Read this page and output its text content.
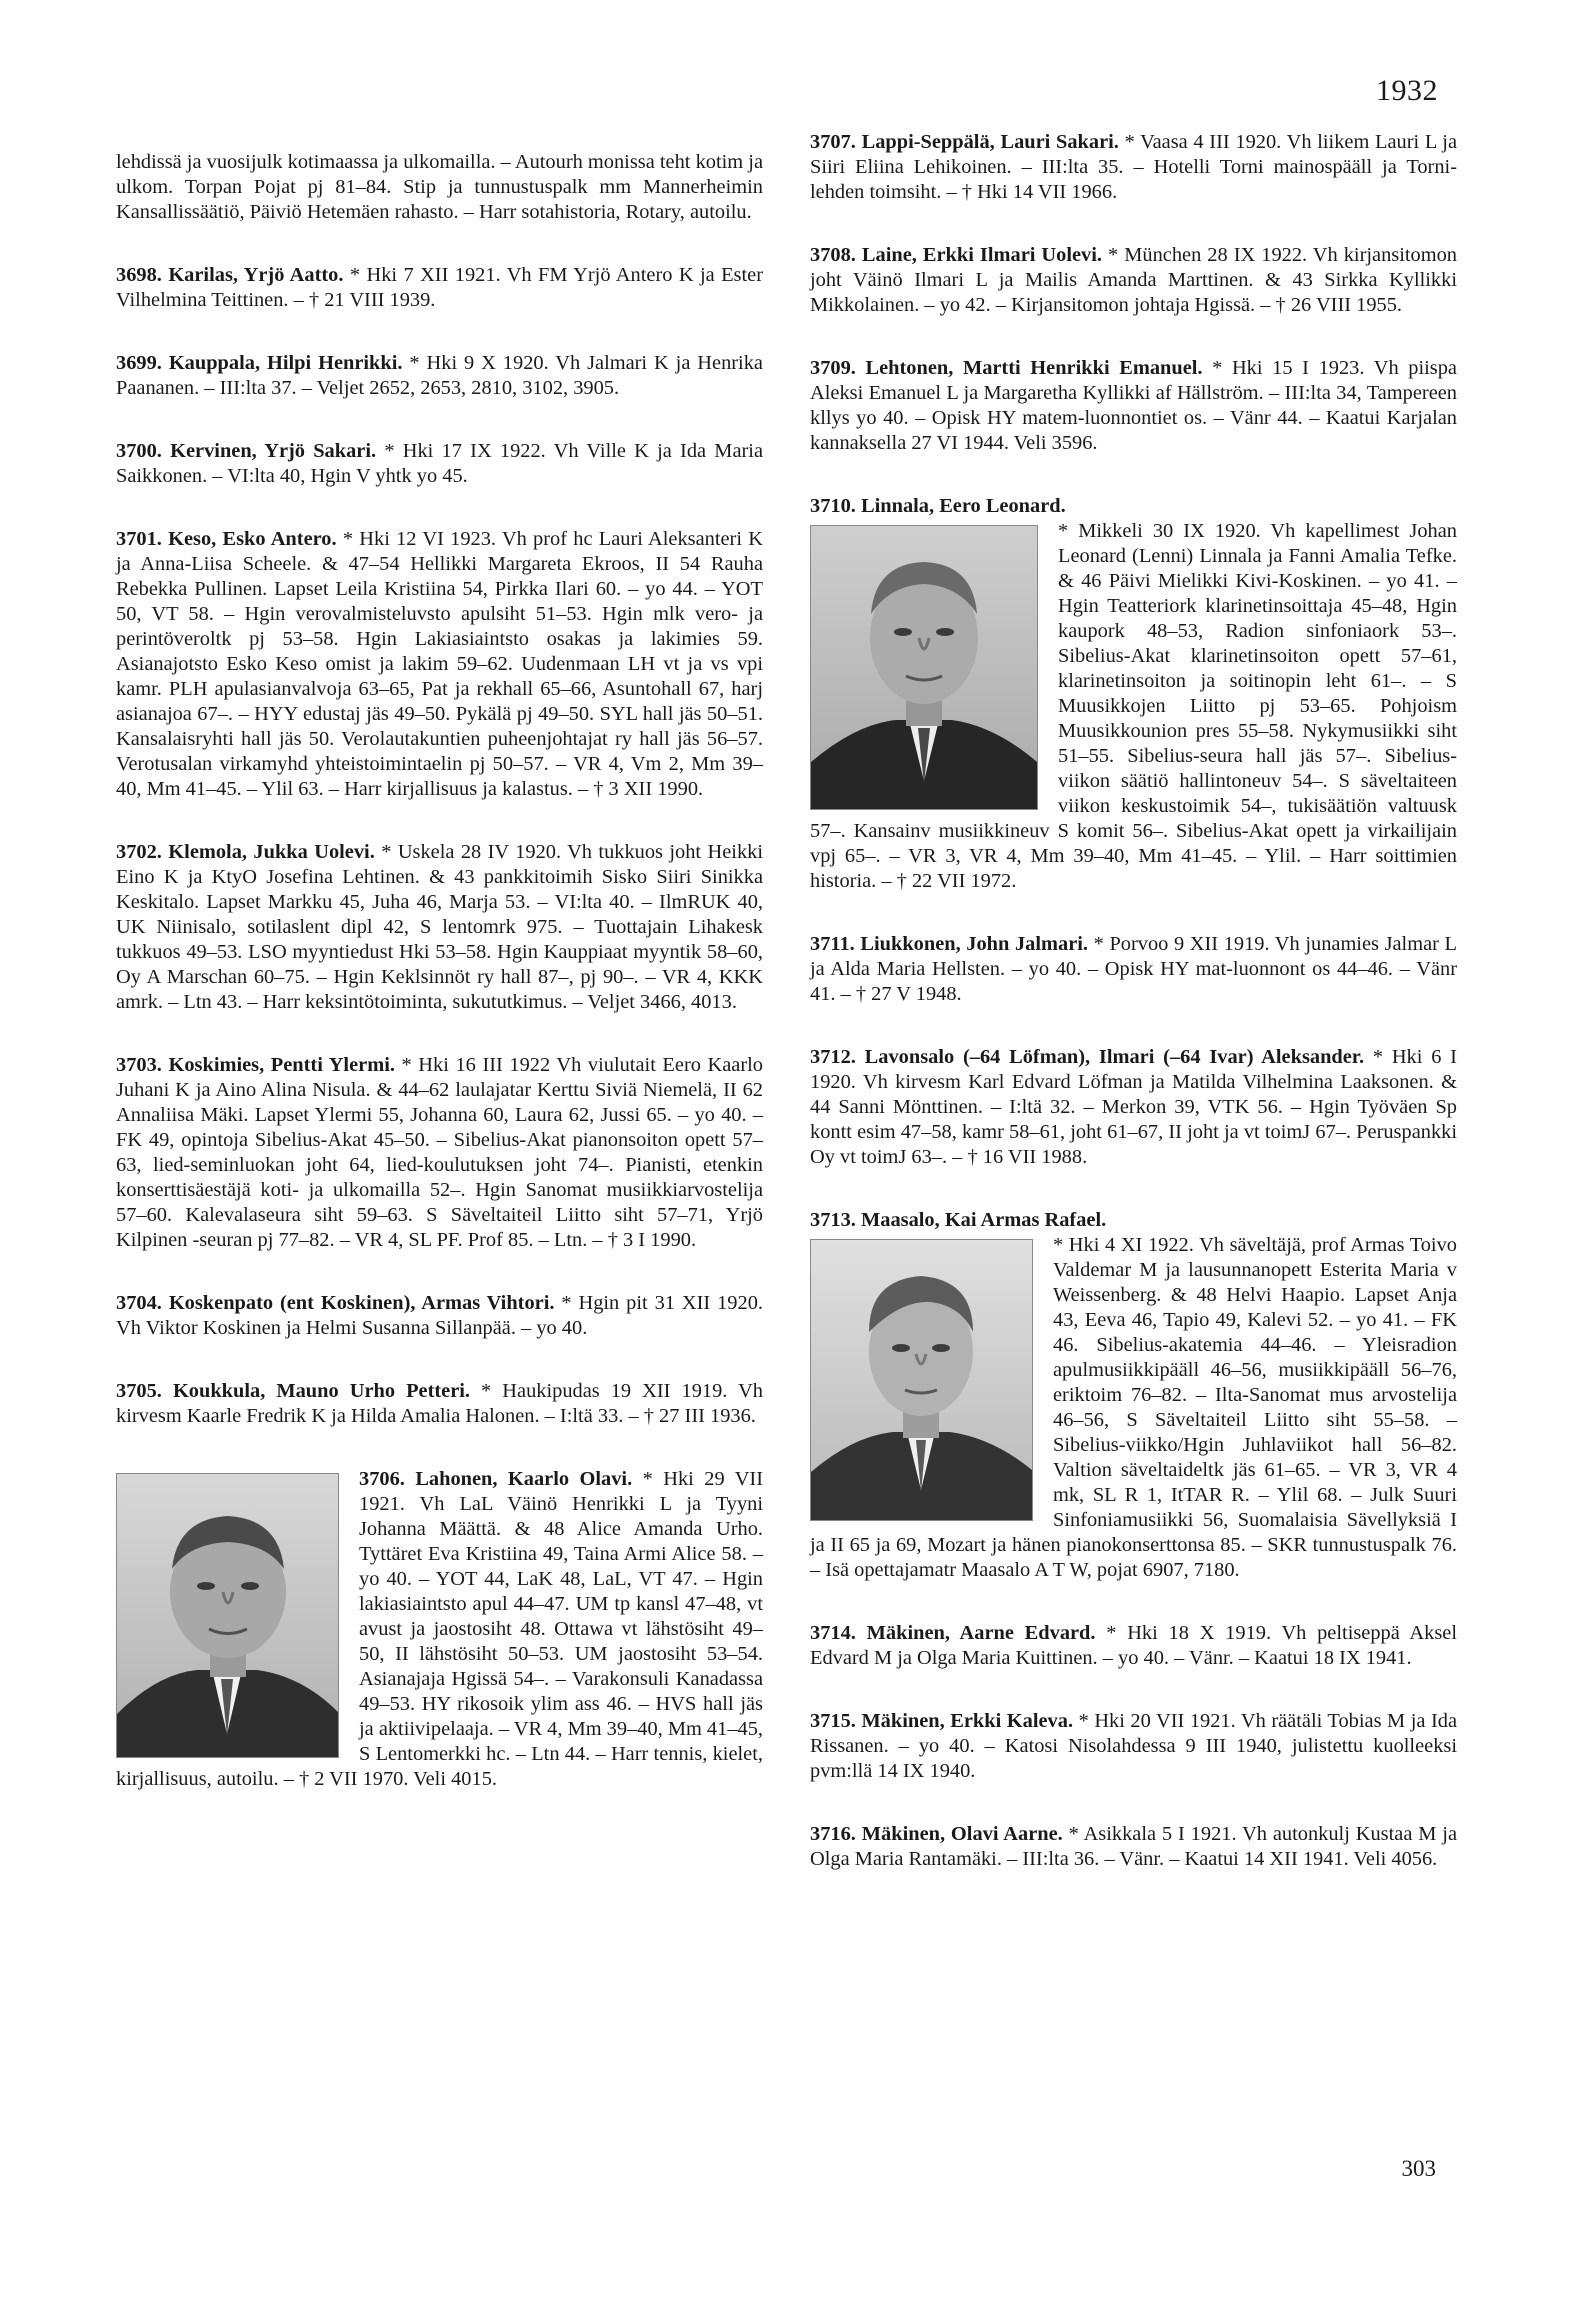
1932

lehdissä ja vuosijulk kotimaassa ja ulkomailla. – Autourh monissa teht kotim ja ulkom. Torpan Pojat pj 81–84. Stip ja tunnustuspalk mm Mannerheimin Kansallissäätiö, Päiviö Hetemäen rahasto. – Harr sotahistoria, Rotary, autoilu.

3698. Karilas, Yrjö Aatto. * Hki 7 XII 1921. Vh FM Yrjö Antero K ja Ester Vilhelmina Teittinen. – † 21 VIII 1939.

3699. Kauppala, Hilpi Henrikki. * Hki 9 X 1920. Vh Jalmari K ja Henrika Paananen. – III:lta 37. – Veljet 2652, 2653, 2810, 3102, 3905.

3700. Kervinen, Yrjö Sakari. * Hki 17 IX 1922. Vh Ville K ja Ida Maria Saikkonen. – VI:lta 40, Hgin V yhtk yo 45.

3701. Keso, Esko Antero. * Hki 12 VI 1923. Vh prof hc Lauri Aleksanteri K ja Anna-Liisa Scheele. & 47–54 Hellikki Margareta Ekroos, II 54 Rauha Rebekka Pullinen. Lapset Leila Kristiina 54, Pirkka Ilari 60. – yo 44. – YOT 50, VT 58. – Hgin verovalmisteluvsto apulsiht 51–53. Hgin mlk vero- ja perintöveroltk pj 53–58. Hgin Lakiasiaintsto osakas ja lakimies 59. Asianajotsto Esko Keso omist ja lakim 59–62. Uudenmaan LH vt ja vs vpi kamr. PLH apulasianvalvoja 63–65, Pat ja rekhall 65–66, Asuntohall 67, harj asianajoa 67–. – HYY edustaj jäs 49–50. Pykälä pj 49–50. SYL hall jäs 50–51. Kansalaisryhti hall jäs 50. Verolautakuntien puheenjohtajat ry hall jäs 56–57. Verotusalan virkamyhd yhteistoimintaelin pj 50–57. – VR 4, Vm 2, Mm 39–40, Mm 41–45. – Ylil 63. – Harr kirjallisuus ja kalastus. – † 3 XII 1990.

3702. Klemola, Jukka Uolevi. * Uskela 28 IV 1920. Vh tukkuos joht Heikki Eino K ja KtyO Josefina Lehtinen. & 43 pankkitoimih Sisko Siiri Sinikka Keskitalo. Lapset Markku 45, Juha 46, Marja 53. – VI:lta 40. – IlmRUK 40, UK Niinisalo, sotilaslent dipl 42, S lentomrk 975. – Tuottajain Lihakesk tukkuos 49–53. LSO myyntiedust Hki 53–58. Hgin Kauppiaat myyntik 58–60, Oy A Marschan 60–75. – Hgin Keklsinnöt ry hall 87–, pj 90–. – VR 4, KKK amrk. – Ltn 43. – Harr keksintötoiminta, sukututkimus. – Veljet 3466, 4013.

3703. Koskimies, Pentti Ylermi. * Hki 16 III 1922 Vh viulutait Eero Kaarlo Juhani K ja Aino Alina Nisula. & 44–62 laulajatar Kerttu Siviä Niemelä, II 62 Annaliisa Mäki. Lapset Ylermi 55, Johanna 60, Laura 62, Jussi 65. – yo 40. – FK 49, opintoja Sibelius-Akat 45–50. – Sibelius-Akat pianonsoiton opett 57–63, lied-seminluokan joht 64, lied-koulutuksen joht 74–. Pianisti, etenkin konserttisäestäjä koti- ja ulkomailla 52–. Hgin Sanomat musiikkiarvostelija 57–60. Kalevalaseura siht 59–63. S Säveltaiteil Liitto siht 57–71, Yrjö Kilpinen -seuran pj 77–82. – VR 4, SL PF. Prof 85. – Ltn. – † 3 I 1990.

3704. Koskenpato (ent Koskinen), Armas Vihtori. * Hgin pit 31 XII 1920. Vh Viktor Koskinen ja Helmi Susanna Sillanpää. – yo 40.

3705. Koukkula, Mauno Urho Petteri. * Haukipudas 19 XII 1919. Vh kirvesm Kaarle Fredrik K ja Hilda Amalia Halonen. – I:ltä 33. – † 27 III 1936.

3706. Lahonen, Kaarlo Olavi. * Hki 29 VII 1921. Vh LaL Väinö Henrikki L ja Tyyni Johanna Määttä. & 48 Alice Amanda Urho. Tyttäret Eva Kristiina 49, Taina Armi Alice 58. – yo 40. – YOT 44, LaK 48, LaL, VT 47. – Hgin lakiasiaintsto apul 44–47. UM tp kansl 47–48, vt avust ja jaostosiht 48. Ottawa vt lähstösiht 49–50, II lähstösiht 50–53. UM jaostosiht 53–54. Asianajaja Hgissä 54–. – Varakonsuli Kanadassa 49–53. HY rikosoik ylim ass 46. – HVS hall jäs ja aktiivipelaaja. – VR 4, Mm 39–40, Mm 41–45, S Lentomerkki hc. – Ltn 44. – Harr tennis, kielet, kirjallisuus, autoilu. – † 2 VII 1970. Veli 4015.

3707. Lappi-Seppälä, Lauri Sakari. * Vaasa 4 III 1920. Vh liikem Lauri L ja Siiri Eliina Lehikoinen. – III:lta 35. – Hotelli Torni mainospääll ja Torni-lehden toimsiht. – † Hki 14 VII 1966.

3708. Laine, Erkki Ilmari Uolevi. * München 28 IX 1922. Vh kirjansitomon joht Väinö Ilmari L ja Mailis Amanda Marttinen. & 43 Sirkka Kyllikki Mikkolainen. – yo 42. – Kirjansitomon johtaja Hgissä. – † 26 VIII 1955.

3709. Lehtonen, Martti Henrikki Emanuel. * Hki 15 I 1923. Vh piispa Aleksi Emanuel L ja Margaretha Kyllikki af Hällström. – III:lta 34, Tampereen kllys yo 40. – Opisk HY matem-luonnontiet os. – Vänr 44. – Kaatui Karjalan kannaksella 27 VI 1944. Veli 3596.

3710. Linnala, Eero Leonard.

* Mikkeli 30 IX 1920. Vh kapellimest Johan Leonard (Lenni) Linnala ja Fanni Amalia Tefke. & 46 Päivi Mielikki Kivi-Koskinen. – yo 41. – Hgin Teatteriork klarinetinsoittaja 45–48, Hgin kaupork 48–53, Radion sinfoniaork 53–. Sibelius-Akat klarinetinsoiton opett 57–61, klarinetinsoiton ja soitinopin leht 61–. – S Muusikkojen Liitto pj 53–65. Pohjoism Muusikkounion pres 55–58. Nykymusiikki siht 51–55. Sibelius-seura hall jäs 57–. Sibelius-viikon säätiö hallintoneuv 54–. S säveltaiteen viikon keskustoimik 54–, tukisäätiön valtuusk 57–. Kansainv musiikkineuv S komit 56–. Sibelius-Akat opett ja virkailijain vpj 65–. – VR 3, VR 4, Mm 39–40, Mm 41–45. – Ylil. – Harr soittimien historia. – † 22 VII 1972.

3711. Liukkonen, John Jalmari. * Porvoo 9 XII 1919. Vh junamies Jalmar L ja Alda Maria Hellsten. – yo 40. – Opisk HY mat-luonnont os 44–46. – Vänr 41. – † 27 V 1948.

3712. Lavonsalo (–64 Löfman), Ilmari (–64 Ivar) Aleksander. * Hki 6 I 1920. Vh kirvesm Karl Edvard Löfman ja Matilda Vilhelmina Laaksonen. & 44 Sanni Mönttinen. – I:ltä 32. – Merkon 39, VTK 56. – Hgin Työväen Sp kontt esim 47–58, kamr 58–61, joht 61–67, II joht ja vt toimJ 67–. Peruspankki Oy vt toimJ 63–. – † 16 VII 1988.

3713. Maasalo, Kai Armas Rafael.

* Hki 4 XI 1922. Vh säveltäjä, prof Armas Toivo Valdemar M ja lausunnanopett Esterita Maria v Weissenberg. & 48 Helvi Haapio. Lapset Anja 43, Eeva 46, Tapio 49, Kalevi 52. – yo 41. – FK 46. Sibelius-akatemia 44–46. – Yleisradion apulmusiikkipääll 46–56, musiikkipääll 56–76, eriktoim 76–82. – Ilta-Sanomat mus arvostelija 46–56, S Säveltaiteil Liitto siht 55–58. – Sibelius-viikko/Hgin Juhlaviikot hall 56–82. Valtion säveltaideltk jäs 61–65. – VR 3, VR 4 mk, SL R 1, ItTAR R. – Ylil 68. – Julk Suuri Sinfoniamusiikki 56, Suomalaisia Sävellyksiä I ja II 65 ja 69, Mozart ja hänen pianokonserttonsa 85. – SKR tunnustuspalk 76. – Isä opettajamatr Maasalo A T W, pojat 6907, 7180.

3714. Mäkinen, Aarne Edvard. * Hki 18 X 1919. Vh peltiseppä Aksel Edvard M ja Olga Maria Kuittinen. – yo 40. – Vänr. – Kaatui 18 IX 1941.

3715. Mäkinen, Erkki Kaleva. * Hki 20 VII 1921. Vh räätäli Tobias M ja Ida Rissanen. – yo 40. – Katosi Nisolahdessa 9 III 1940, julistettu kuolleeksi pvm:llä 14 IX 1940.

3716. Mäkinen, Olavi Aarne. * Asikkala 5 I 1921. Vh autonkulj Kustaa M ja Olga Maria Rantamäki. – III:lta 36. – Vänr. – Kaatui 14 XII 1941. Veli 4056.

303
